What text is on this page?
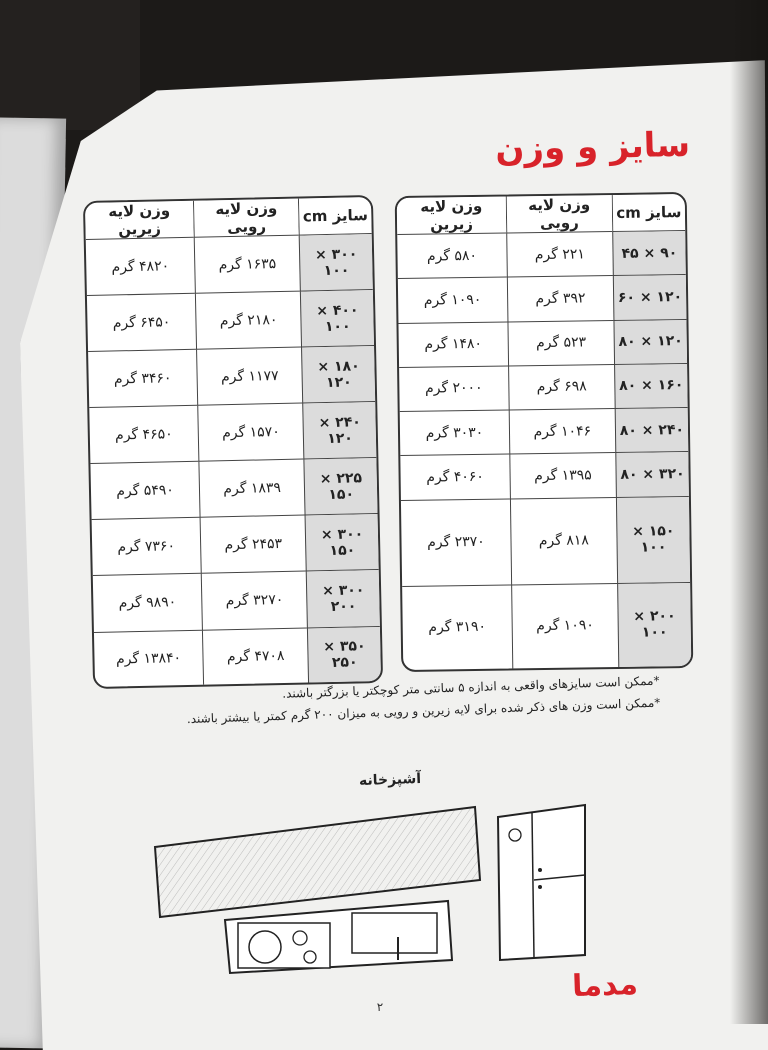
سایز و وزن
سایز cm	وزن لایه رویی	وزن لایه زیرین
۹۰ × ۴۵	۲۲۱ گرم	۵۸۰ گرم
۱۲۰ × ۶۰	۳۹۲ گرم	۱۰۹۰ گرم
۱۲۰ × ۸۰	۵۲۳ گرم	۱۴۸۰ گرم
۱۶۰ × ۸۰	۶۹۸ گرم	۲۰۰۰ گرم
۲۴۰ × ۸۰	۱۰۴۶ گرم	۳۰۳۰ گرم
۳۲۰ × ۸۰	۱۳۹۵ گرم	۴۰۶۰ گرم
۱۵۰ × ۱۰۰	۸۱۸ گرم	۲۳۷۰ گرم
۲۰۰ × ۱۰۰	۱۰۹۰ گرم	۳۱۹۰ گرم
سایز cm	وزن لایه رویی	وزن لایه زیرین
۳۰۰ × ۱۰۰	۱۶۳۵ گرم	۴۸۲۰ گرم
۴۰۰ × ۱۰۰	۲۱۸۰ گرم	۶۴۵۰ گرم
۱۸۰ × ۱۲۰	۱۱۷۷ گرم	۳۴۶۰ گرم
۲۴۰ × ۱۲۰	۱۵۷۰ گرم	۴۶۵۰ گرم
۲۲۵ × ۱۵۰	۱۸۳۹ گرم	۵۴۹۰ گرم
۳۰۰ × ۱۵۰	۲۴۵۳ گرم	۷۳۶۰ گرم
۳۰۰ × ۲۰۰	۳۲۷۰ گرم	۹۸۹۰ گرم
۳۵۰ × ۲۵۰	۴۷۰۸ گرم	۱۳۸۴۰ گرم
*ممکن است سایزهای واقعی به اندازه ۵ سانتی متر کوچکتر یا بزرگتر باشند.
*ممکن است وزن های ذکر شده برای لایه زیرین و رویی به میزان ۲۰۰ گرم کمتر یا بیشتر باشند.
آشپزخانه
مدما
۲
